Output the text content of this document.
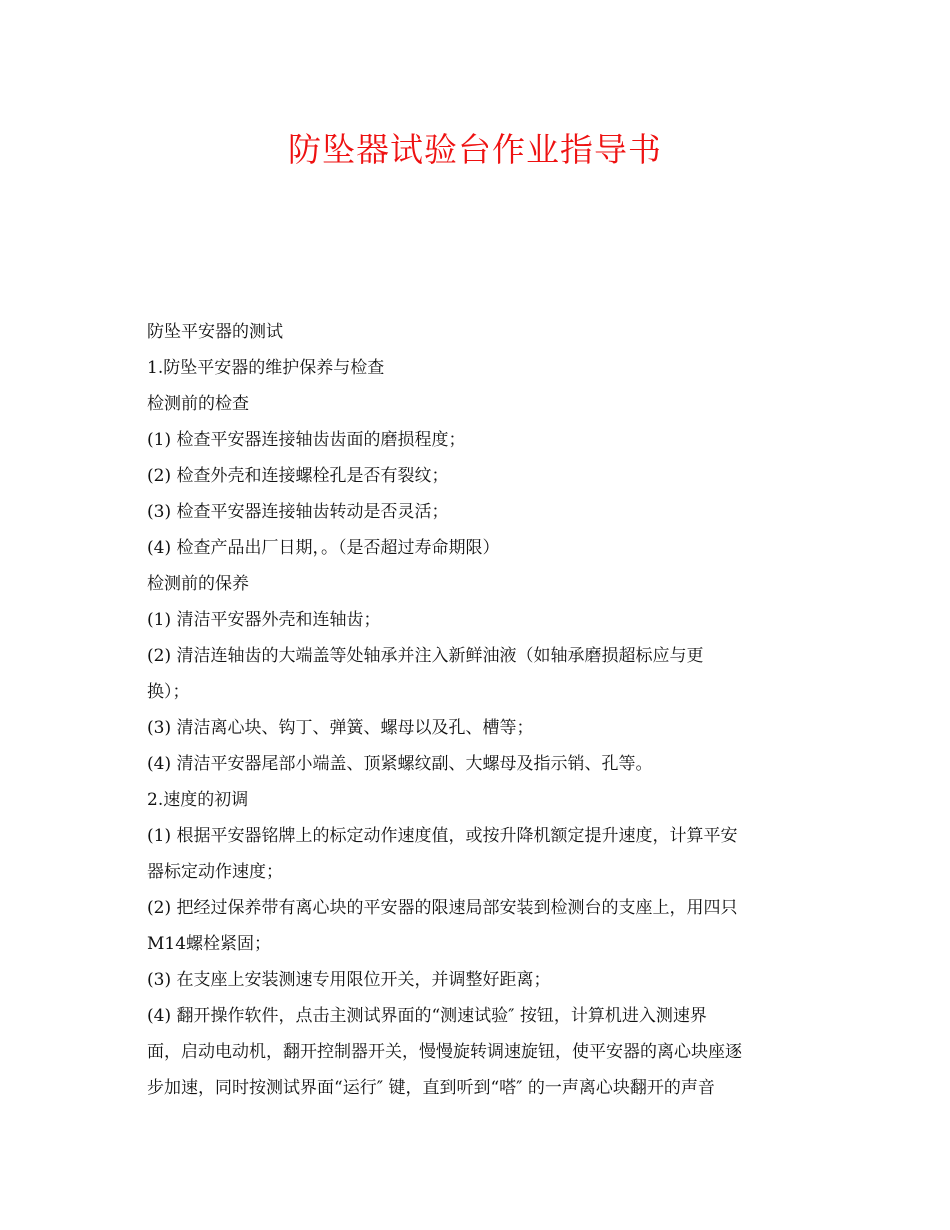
防坠器试验台作业指导书

防坠平安器的测试

1.防坠平安器的维护保养与检查

检测前的检查

(1) 检查平安器连接轴齿齿面的磨损程度；

(2) 检查外壳和连接螺栓孔是否有裂纹；

(3) 检查平安器连接轴齿转动是否灵活；

(4) 检查产品出厂日期，。（是否超过寿命期限）

检测前的保养

(1) 清洁平安器外壳和连轴齿；

(2) 清洁连轴齿的大端盖等处轴承并注入新鲜油液（如轴承磨损超标应与更

换）；

(3) 清洁离心块、钩丁、弹簧、螺母以及孔、槽等；

(4) 清洁平安器尾部小端盖、顶紧螺纹副、大螺母及指示销、孔等。

2.速度的初调

(1) 根据平安器铭牌上的标定动作速度值，或按升降机额定提升速度，计算平安

器标定动作速度；

(2) 把经过保养带有离心块的平安器的限速局部安装到检测台的支座上，用四只

M14螺栓紧固；

(3) 在支座上安装测速专用限位开关，并调整好距离；

(4) 翻开操作软件，点击主测试界面的“测速试验″ 按钮，计算机进入测速界

面，启动电动机，翻开控制器开关，慢慢旋转调速旋钮，使平安器的离心块座逐

步加速，同时按测试界面“运行″ 键，直到听到“嗒″ 的一声离心块翻开的声音
